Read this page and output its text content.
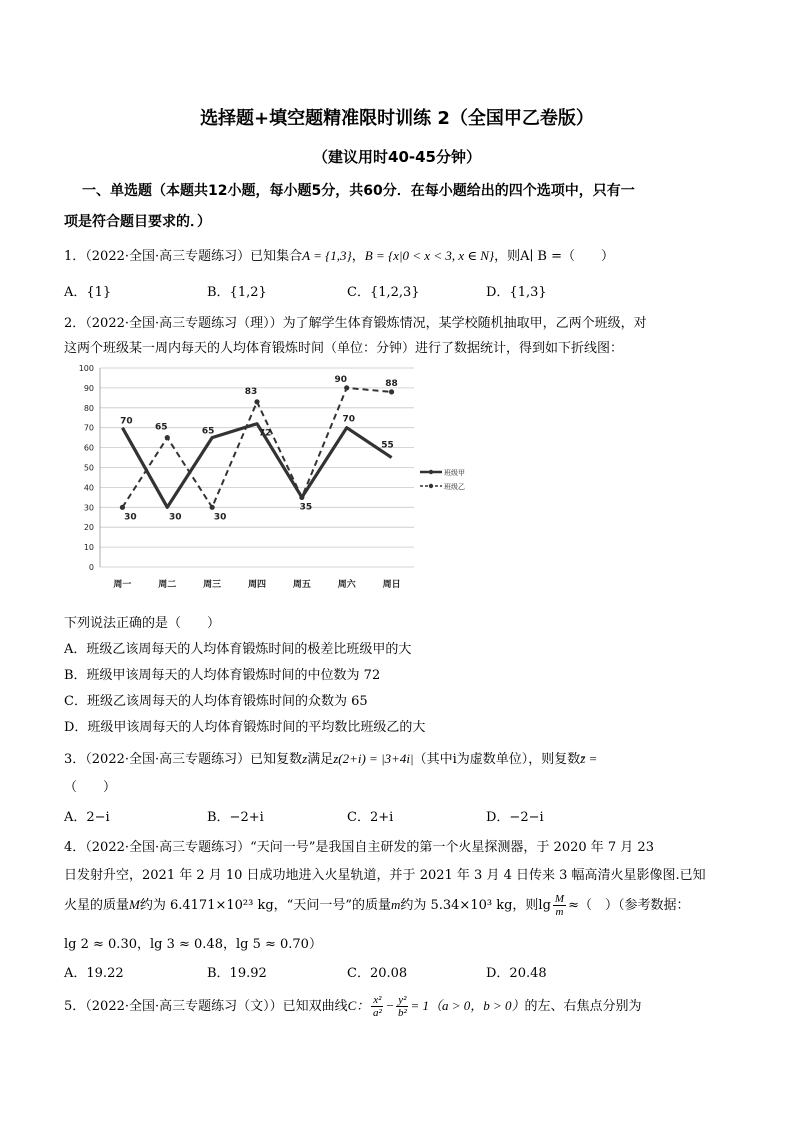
选择题+填空题精准限时训练 2（全国甲乙卷版）
（建议用时40-45分钟）
一、单选题（本题共12小题，每小题5分，共60分．在每小题给出的四个选项中，只有一
项是符合题目要求的．）
1．（2022·全国·高三专题练习）已知集合A = {1,3}，B = {x|0 < x < 3, x ∈ N}，则A∣ B =（　　）
A．{1}	B．{1,2}	C．{1,2,3}	D．{1,3}
2．（2022·全国·高三专题练习（理））为了解学生体育锻炼情况，某学校随机抽取甲，乙两个班级，对
这两个班级某一周内每天的人均体育锻炼时间（单位：分钟）进行了数据统计，得到如下折线图：
0
10
20
30
40
50
60
70
80
90
100
周一	周二	周三	周四	周五	周六	周日
70
30
65	72
35
70
55
30
65
30
83
90	88
班级甲
班级乙
下列说法正确的是（　　）
A．班级乙该周每天的人均体育锻炼时间的极差比班级甲的大
B．班级甲该周每天的人均体育锻炼时间的中位数为 72
C．班级乙该周每天的人均体育锻炼时间的众数为 65
D．班级甲该周每天的人均体育锻炼时间的平均数比班级乙的大
3．（2022·全国·高三专题练习）已知复数z满足z(2+i) = |3+4i|（其中i为虚数单位），则复数z̄ =
（　　）
A．2−i	B．−2+i	C．2+i	D．−2−i
4．（2022·全国·高三专题练习）“天问一号”是我国自主研发的第一个火星探测器，于 2020 年 7 月 23
日发射升空，2021 年 2 月 10 日成功地进入火星轨道，并于 2021 年 3 月 4 日传来 3 幅高清火星影像图.已知
火星的质量M约为 6.4171×10²³ kg，“天问一号”的质量m约为 5.34×10³ kg，则$\lg \frac{M}{m}$ ≈（　）（参考数据：
lg 2 ≈ 0.30，lg 3 ≈ 0.48，lg 5 ≈ 0.70）
A．19.22	B．19.92	C．20.08	D．20.48
5．（2022·全国·高三专题练习（文））已知双曲线C： $\frac{\text{x²}}{\text{a²}} - \frac{\text{y²}}{\text{b²}} = 1(a > 0$，b > 0）的左、右焦点分别为
